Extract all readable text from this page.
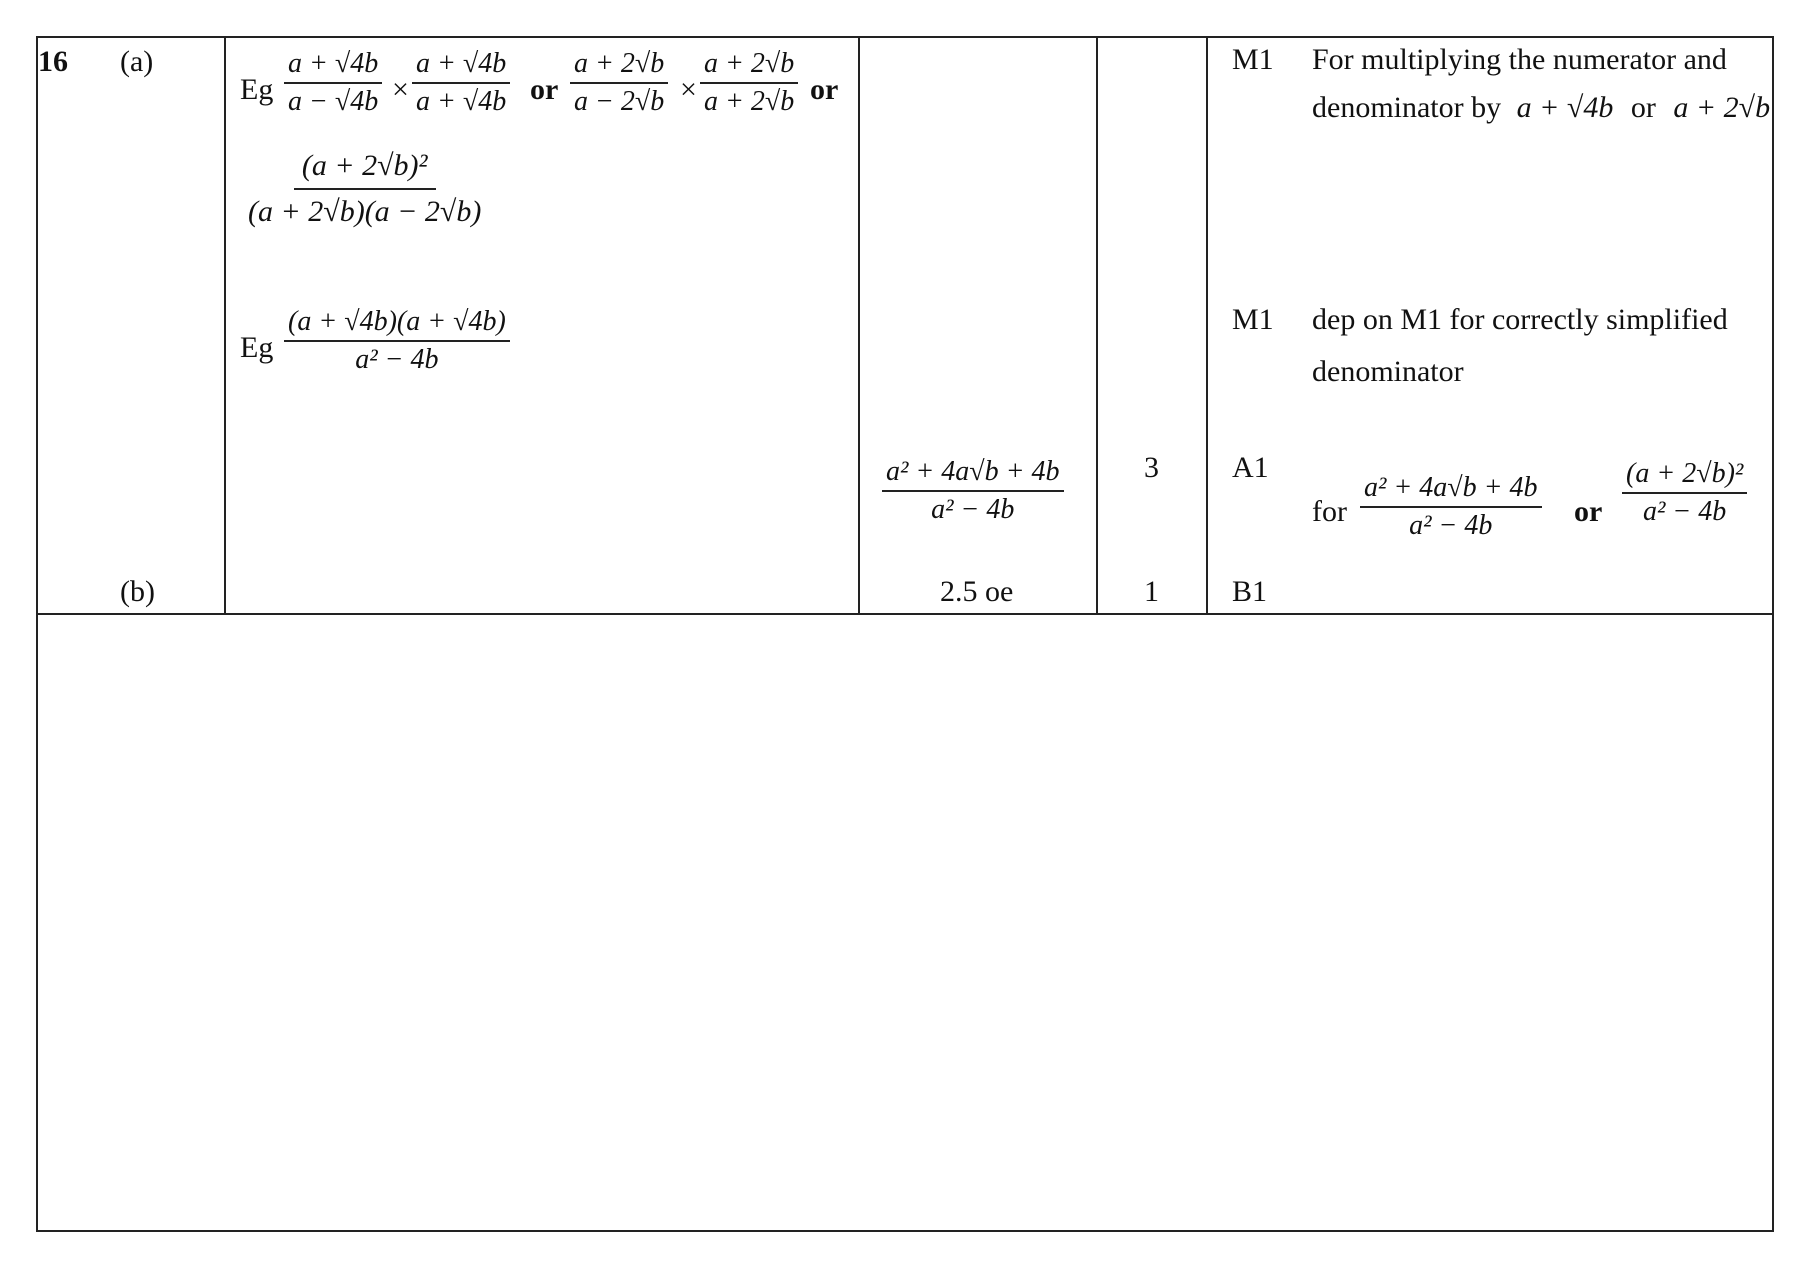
16 (a)
(b)
Eg $\frac{a + √4b}{a - √4b} \times \frac{a + √4b}{a + √4b}$ or $\frac{a + 2√b}{a - 2√b} \times \frac{a + 2√b}{a + 2√b}$ or
$\frac{\text{(a + 2√b)²}}{(a + 2√b)(a - 2√b)}$
Eg $\frac{(a + √4b)(a + √4b)}{\text{a² − 4b}}$
$\frac{\text{a² + 4a√b + 4b}}{\text{a² − 4b}}$
2.5 oe
3
1
M1
M1
A1
B1
For multiplying the numerator and
denominator by a + √4b or a + 2√b
dep on M1 for correctly simplified
denominator
for $\frac{\text{a² + 4a√b + 4b}}{\text{a² − 4b}}$ or $\frac{\text{(a + 2√b)²}}{\text{a² − 4b}}$
